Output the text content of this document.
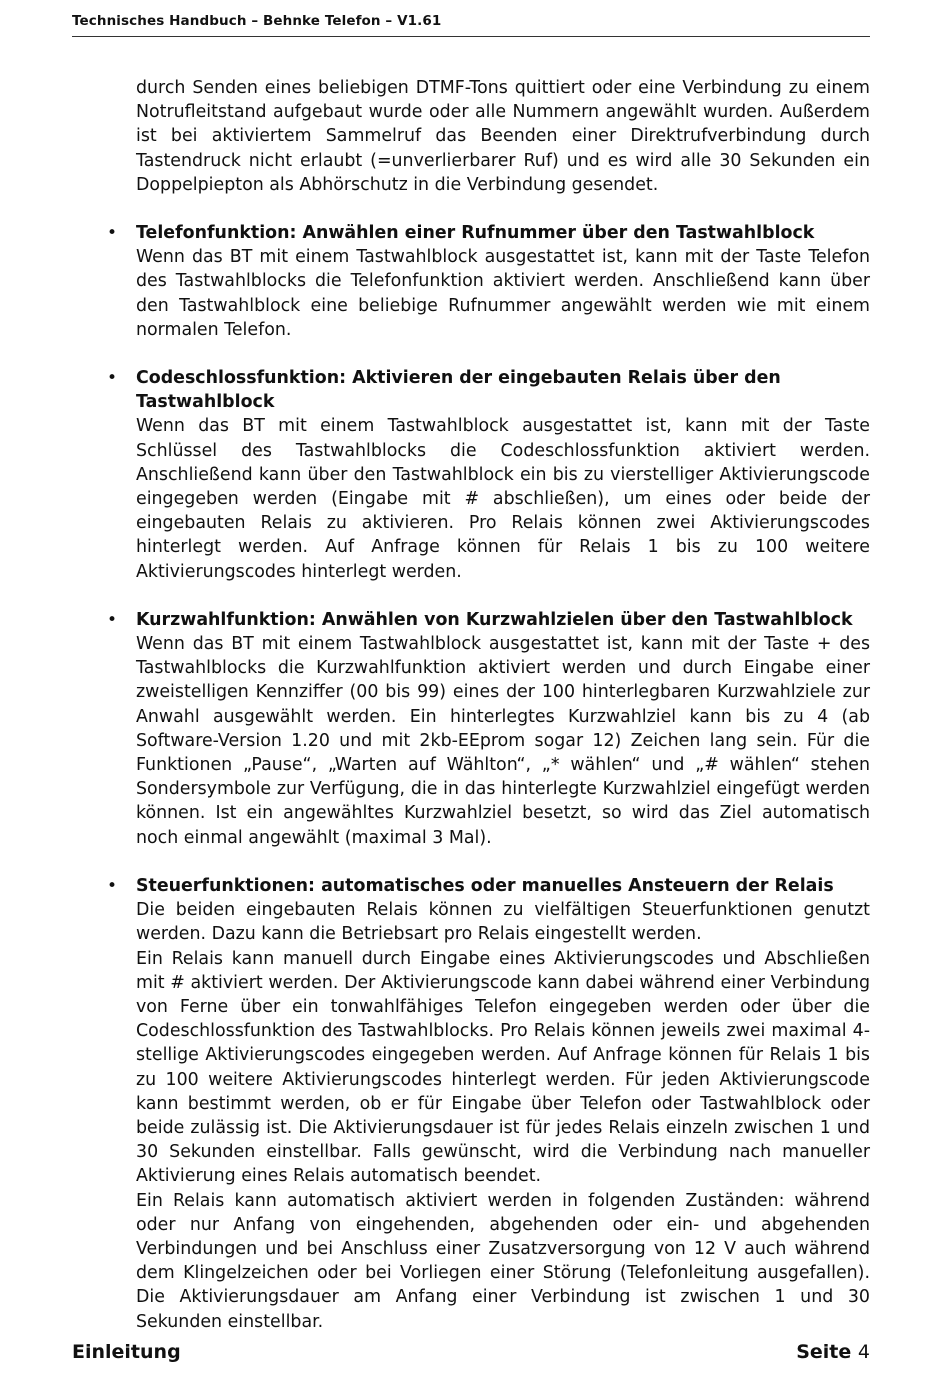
Technisches Handbuch – Behnke Telefon – V1.61

durch Senden eines beliebigen DTMF-Tons quittiert oder eine Verbindung zu einem Notrufleitstand aufgebaut wurde oder alle Nummern angewählt wurden. Außerdem ist bei aktiviertem Sammelruf das Beenden einer Direktrufverbindung durch Tastendruck nicht erlaubt (=unverlierbarer Ruf) und es wird alle 30 Sekunden ein Doppelpiepton als Abhörschutz in die Verbindung gesendet.

• Telefonfunktion: Anwählen einer Rufnummer über den Tastwahlblock

Wenn das BT mit einem Tastwahlblock ausgestattet ist, kann mit der Taste Telefon des Tastwahlblocks die Telefonfunktion aktiviert werden. Anschließend kann über den Tastwahlblock eine beliebige Rufnummer angewählt werden wie mit einem normalen Telefon.

• Codeschlossfunktion: Aktivieren der eingebauten Relais über den Tastwahlblock

Wenn das BT mit einem Tastwahlblock ausgestattet ist, kann mit der Taste Schlüssel des Tastwahlblocks die Codeschlossfunktion aktiviert werden. Anschließend kann über den Tastwahlblock ein bis zu vierstelliger Aktivierungscode eingegeben werden (Eingabe mit # abschließen), um eines oder beide der eingebauten Relais zu aktivieren. Pro Relais können zwei Aktivierungscodes hinterlegt werden. Auf Anfrage können für Relais 1 bis zu 100 weitere Aktivierungscodes hinterlegt werden.

• Kurzwahlfunktion: Anwählen von Kurzwahlzielen über den Tastwahlblock

Wenn das BT mit einem Tastwahlblock ausgestattet ist, kann mit der Taste + des Tastwahlblocks die Kurzwahlfunktion aktiviert werden und durch Eingabe einer zweistelligen Kennziffer (00 bis 99) eines der 100 hinterlegbaren Kurzwahlziele zur Anwahl ausgewählt werden. Ein hinterlegtes Kurzwahlziel kann bis zu 4 (ab Software-Version 1.20 und mit 2kb-EEprom sogar 12) Zeichen lang sein. Für die Funktionen „Pause“, „Warten auf Wählton“, „* wählen“ und „# wählen“ stehen Sondersymbole zur Verfügung, die in das hinterlegte Kurzwahlziel eingefügt werden können. Ist ein angewähltes Kurzwahlziel besetzt, so wird das Ziel automatisch noch einmal angewählt (maximal 3 Mal).

• Steuerfunktionen: automatisches oder manuelles Ansteuern der Relais

Die beiden eingebauten Relais können zu vielfältigen Steuerfunktionen genutzt werden. Dazu kann die Betriebsart pro Relais eingestellt werden.

Ein Relais kann manuell durch Eingabe eines Aktivierungscodes und Abschließen mit # aktiviert werden. Der Aktivierungscode kann dabei während einer Verbindung von Ferne über ein tonwahlfähiges Telefon eingegeben werden oder über die Codeschlossfunktion des Tastwahlblocks. Pro Relais können jeweils zwei maximal 4-stellige Aktivierungscodes eingegeben werden. Auf Anfrage können für Relais 1 bis zu 100 weitere Aktivierungscodes hinterlegt werden. Für jeden Aktivierungscode kann bestimmt werden, ob er für Eingabe über Telefon oder Tastwahlblock oder beide zulässig ist. Die Aktivierungsdauer ist für jedes Relais einzeln zwischen 1 und 30 Sekunden einstellbar. Falls gewünscht, wird die Verbindung nach manueller Aktivierung eines Relais automatisch beendet.

Ein Relais kann automatisch aktiviert werden in folgenden Zuständen: während oder nur Anfang von eingehenden, abgehenden oder ein- und abgehenden Verbindungen und bei Anschluss einer Zusatzversorgung von 12 V auch während dem Klingelzeichen oder bei Vorliegen einer Störung (Telefonleitung ausgefallen). Die Aktivierungsdauer am Anfang einer Verbindung ist zwischen 1 und 30 Sekunden einstellbar.

Einleitung	Seite 4
